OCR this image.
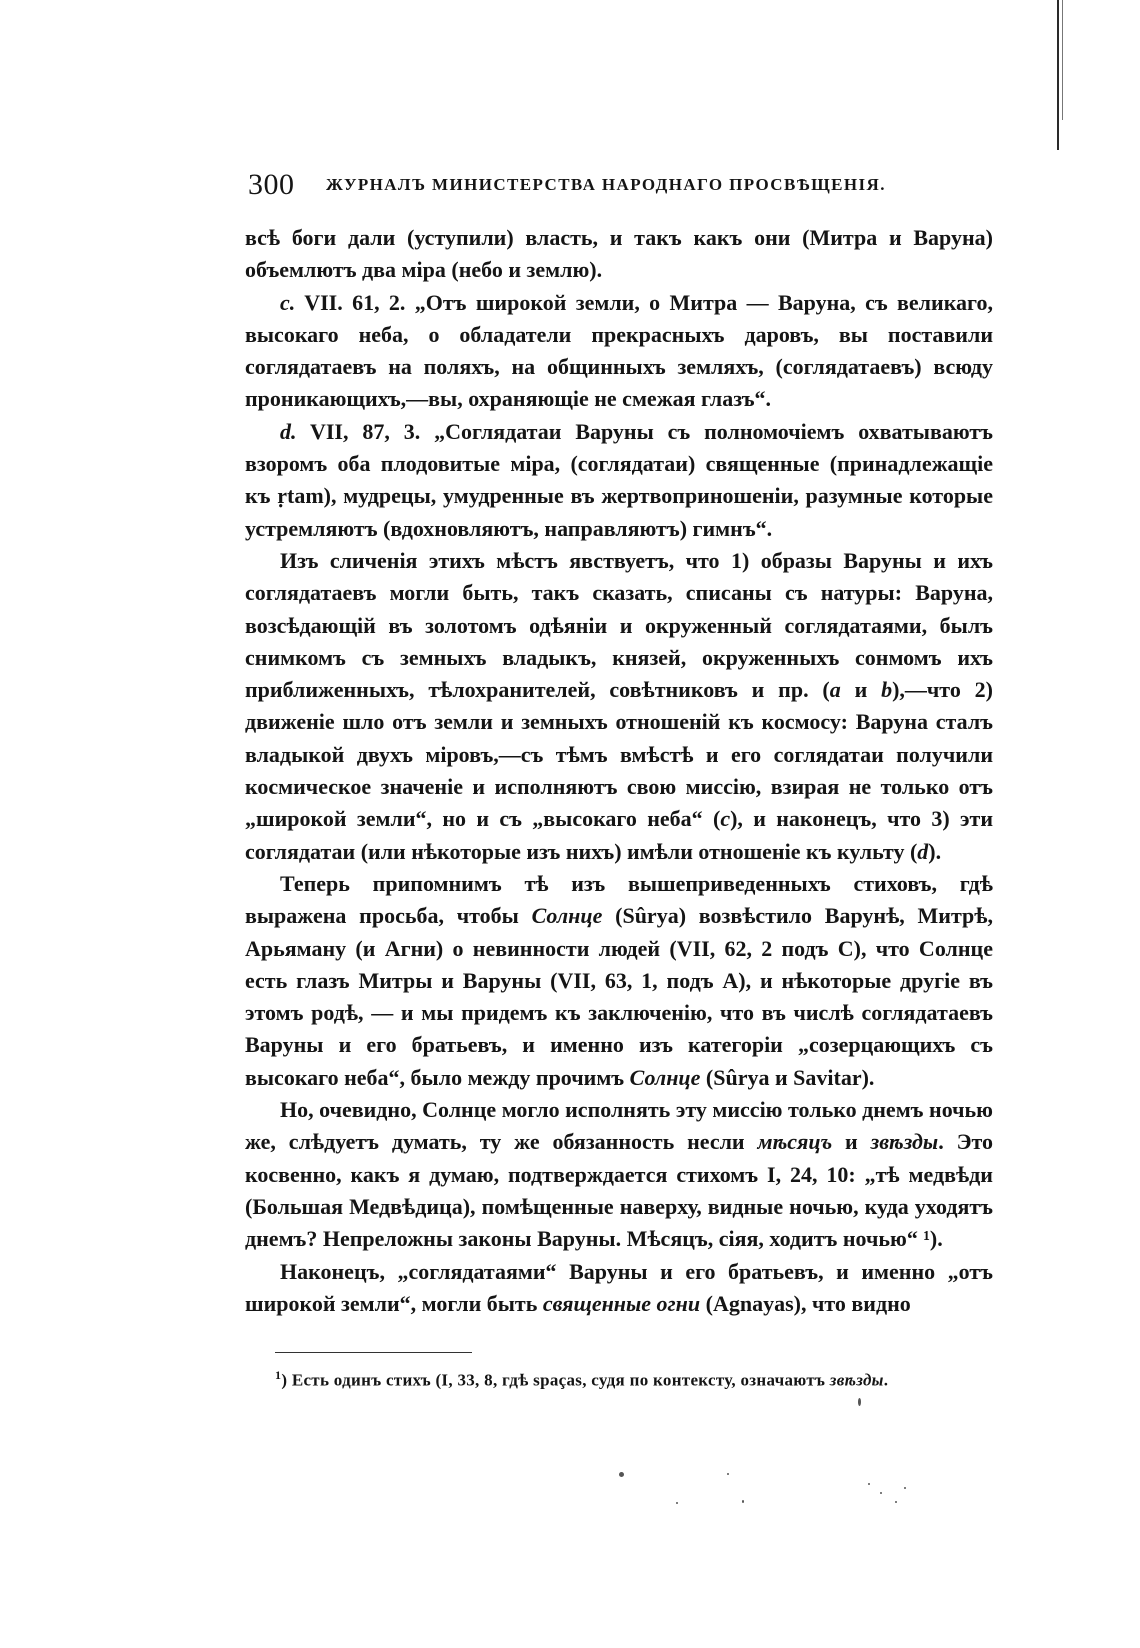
300 ЖУРНАЛЪ МИНИСТЕРСТВА НАРОДНАГО ПРОСВѢЩЕНІЯ.

всѣ боги дали (уступили) власть, и такъ какъ они (Митра и Варуна) объемлютъ два міра (небо и землю).

c. VII. 61, 2. „Отъ широкой земли, о Митра — Варуна, съ великаго, высокаго неба, о обладатели прекрасныхъ даровъ, вы поставили соглядатаевъ на поляхъ, на общинныхъ земляхъ, (соглядатаевъ) всюду проникающихъ,—вы, охраняющіе не смежая глазъ“.

d. VII, 87, 3. „Соглядатаи Варуны съ полномочіемъ охватываютъ взоромъ оба плодовитые міра, (соглядатаи) священные (принадлежащіе къ ṛtam), мудрецы, умудренные въ жертвоприношеніи, разумные которые устремляютъ (вдохновляютъ, направляютъ) гимнъ“.

Изъ сличенія этихъ мѣстъ явствуетъ, что 1) образы Варуны и ихъ соглядатаевъ могли быть, такъ сказать, списаны съ натуры: Варуна, возсѣдающій въ золотомъ одѣяніи и окруженный соглядатаями, былъ снимкомъ съ земныхъ владыкъ, князей, окруженныхъ сонмомъ ихъ приближенныхъ, тѣлохранителей, совѣтниковъ и пр. (a и b),—что 2) движеніе шло отъ земли и земныхъ отношеній къ космосу: Варуна сталъ владыкой двухъ міровъ,—съ тѣмъ вмѣстѣ и его соглядатаи получили космическое значеніе и исполняютъ свою миссію, взирая не только отъ „широкой земли“, но и съ „высокаго неба“ (c), и наконецъ, что 3) эти соглядатаи (или нѣкоторые изъ нихъ) имѣли отношеніе къ культу (d).

Теперь припомнимъ тѣ изъ вышеприведенныхъ стиховъ, гдѣ выражена просьба, чтобы Солнце (Sûrya) возвѣстило Варунѣ, Митрѣ, Арьяману (и Агни) о невинности людей (VII, 62, 2 подъ С), что Солнце есть глазъ Митры и Варуны (VII, 63, 1, подъ А), и нѣкоторые другіе въ этомъ родѣ, — и мы придемъ къ заключенію, что въ числѣ соглядатаевъ Варуны и его братьевъ, и именно изъ категоріи „созерцающихъ съ высокаго неба“, было между прочимъ Солнце (Sûrya и Savitar).

Но, очевидно, Солнце могло исполнять эту миссію только днемъ ночью же, слѣдуетъ думать, ту же обязанность несли мѣсяцъ и звѣзды. Это косвенно, какъ я думаю, подтверждается стихомъ I, 24, 10: „тѣ медвѣди (Большая Медвѣдица), помѣщенные наверху, видные ночью, куда уходятъ днемъ? Непреложны законы Варуны. Мѣсяцъ, сіяя, ходитъ ночью“ ¹).

Наконецъ, „соглядатаями“ Варуны и его братьевъ, и именно „отъ широкой земли“, могли быть священные огни (Agnayas), что видно

$^1$) Есть одинъ стихъ (I, 33, 8, гдѣ spaças, судя по контексту, означаютъ звѣзды.
